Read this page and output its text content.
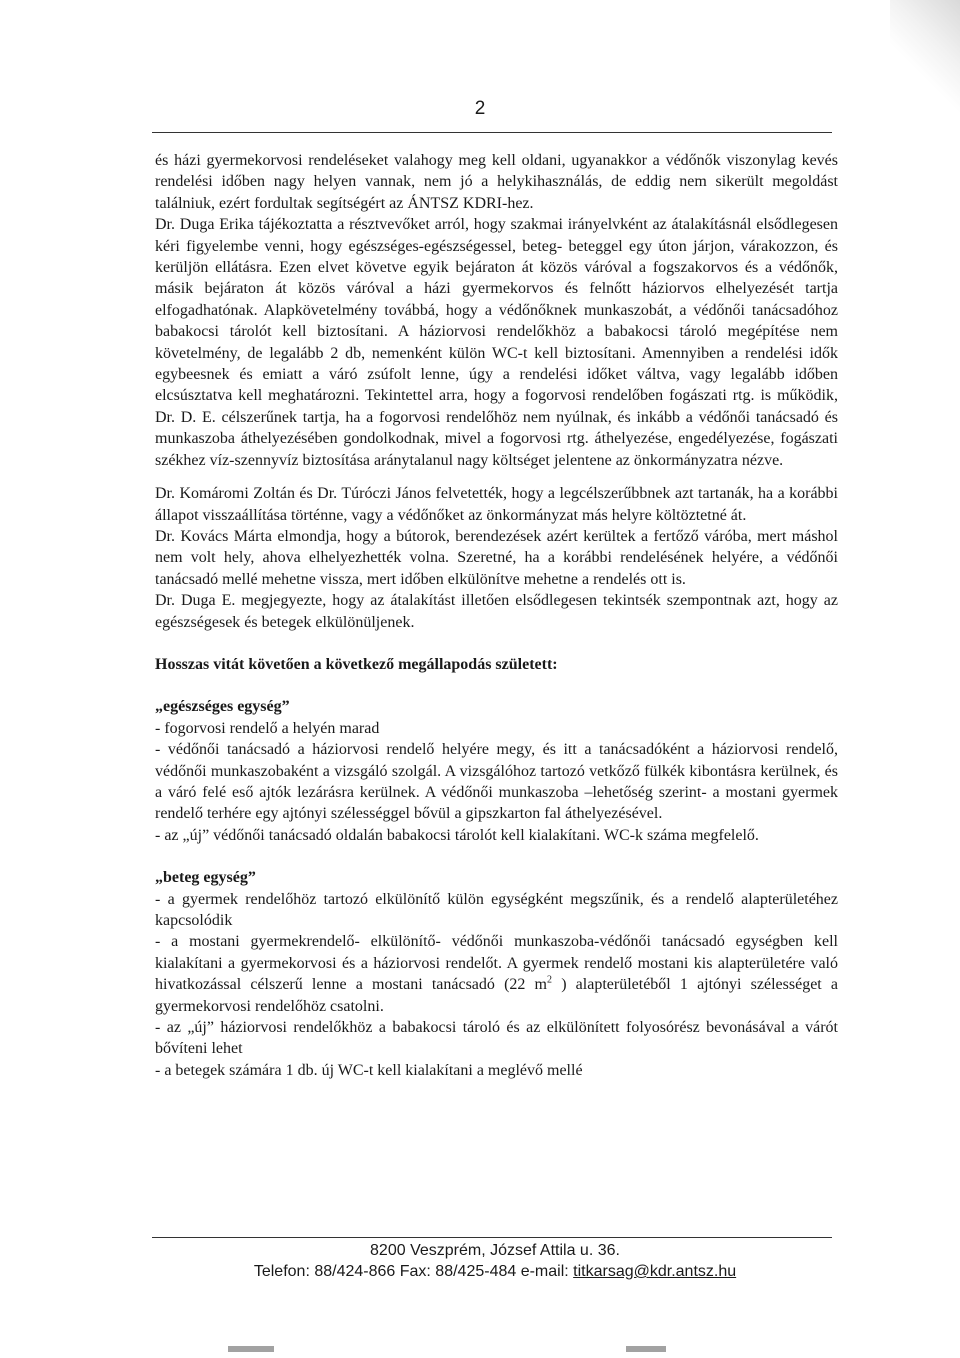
2

és házi gyermekorvosi rendeléseket valahogy meg kell oldani, ugyanakkor a védőnők viszonylag kevés rendelési időben nagy helyen vannak, nem jó a helykihasználás, de eddig nem sikerült megoldást találniuk, ezért fordultak segítségért az ÁNTSZ KDRI-hez.

Dr. Duga Erika tájékoztatta a résztvevőket arról, hogy szakmai irányelvként az átalakításnál elsődlegesen kéri figyelembe venni, hogy egészséges-egészségessel, beteg- beteggel egy úton járjon, várakozzon, és kerüljön ellátásra. Ezen elvet követve egyik bejáraton át közös váróval a fogszakorvos és a védőnők, másik bejáraton át közös váróval a házi gyermekorvos és felnőtt háziorvos elhelyezését tartja elfogadhatónak. Alapkövetelmény továbbá, hogy a védőnőknek munkaszobát, a védőnői tanácsadóhoz babakocsi tárolót kell biztosítani. A háziorvosi rendelőkhöz a babakocsi tároló megépítése nem követelmény, de legalább 2 db, nemenként külön WC-t kell biztosítani. Amennyiben a rendelési idők egybeesnek és emiatt a váró zsúfolt lenne, úgy a rendelési időket váltva, vagy legalább időben elcsúsztatva kell meghatározni. Tekintettel arra, hogy a fogorvosi rendelőben fogászati rtg. is működik, Dr. D. E. célszerűnek tartja, ha a fogorvosi rendelőhöz nem nyúlnak, és inkább a védőnői tanácsadó és munkaszoba áthelyezésében gondolkodnak, mivel a fogorvosi rtg. áthelyezése, engedélyezése, fogászati székhez víz-szennyvíz biztosítása aránytalanul nagy költséget jelentene az önkormányzatra nézve.

Dr. Komáromi Zoltán és Dr. Túróczi János felvetették, hogy a legcélszerűbbnek azt tartanák, ha a korábbi állapot visszaállítása történne, vagy a védőnőket az önkormányzat más helyre költöztetné át.

Dr. Kovács Márta elmondja, hogy a bútorok, berendezések azért kerültek a fertőző váróba, mert máshol nem volt hely, ahova elhelyezhették volna. Szeretné, ha a korábbi rendelésének helyére, a védőnői tanácsadó mellé mehetne vissza, mert időben elkülönítve mehetne a rendelés ott is.

Dr. Duga E. megjegyezte, hogy az átalakítást illetően elsődlegesen tekintsék szempontnak azt, hogy az egészségesek és betegek elkülönüljenek.

Hosszas vitát követően a következő megállapodás született:

„egészséges egység”

- fogorvosi rendelő a helyén marad

- védőnői tanácsadó a háziorvosi rendelő helyére megy, és itt a tanácsadóként a háziorvosi rendelő, védőnői munkaszobaként a vizsgáló szolgál. A vizsgálóhoz tartozó vetkőző fülkék kibontásra kerülnek, és a váró felé eső ajtók lezárásra kerülnek. A védőnői munkaszoba –lehetőség szerint- a mostani gyermek rendelő terhére egy ajtónyi szélességgel bővül a gipszkarton fal áthelyezésével.

- az „új” védőnői tanácsadó oldalán babakocsi tárolót kell kialakítani. WC-k száma megfelelő.

„beteg egység”

- a gyermek rendelőhöz tartozó elkülönítő külön egységként megszűnik, és a rendelő alapterületéhez kapcsolódik

- a mostani gyermekrendelő- elkülönítő- védőnői munkaszoba-védőnői tanácsadó egységben kell kialakítani a gyermekorvosi és a háziorvosi rendelőt. A gyermek rendelő mostani kis alapterületére való hivatkozással célszerű lenne a mostani tanácsadó (22 $m^2$ ) alapterületéből 1 ajtónyi szélességet a gyermekorvosi rendelőhöz csatolni.

- az „új” háziorvosi rendelőkhöz a babakocsi tároló és az elkülönített folyosórész bevonásával a várót bővíteni lehet

- a betegek számára 1 db. új WC-t kell kialakítani a meglévő mellé

8200 Veszprém, József Attila u. 36.
Telefon: 88/424-866 Fax: 88/425-484 e-mail: titkarsag@kdr.antsz.hu
